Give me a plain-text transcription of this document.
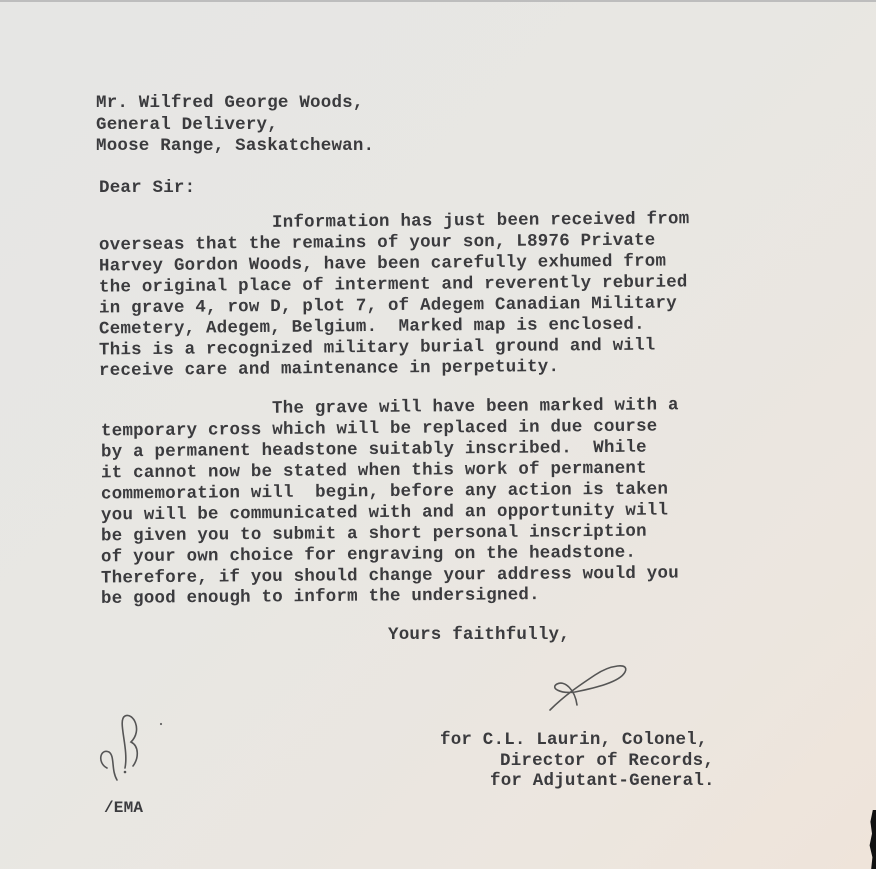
Mr. Wilfred George Woods,
General Delivery,
Moose Range, Saskatchewan.
Dear Sir:
Information has just been received from
overseas that the remains of your son, L8976 Private
Harvey Gordon Woods, have been carefully exhumed from
the original place of interment and reverently reburied
in grave 4, row D, plot 7, of Adegem Canadian Military
Cemetery, Adegem, Belgium.  Marked map is enclosed.
This is a recognized military burial ground and will
receive care and maintenance in perpetuity.
The grave will have been marked with a
temporary cross which will be replaced in due course
by a permanent headstone suitably inscribed.  While
it cannot now be stated when this work of permanent
commemoration will  begin, before any action is taken
you will be communicated with and an opportunity will
be given you to submit a short personal inscription
of your own choice for engraving on the headstone.
Therefore, if you should change your address would you
be good enough to inform the undersigned.
Yours faithfully,
for C.L. Laurin, Colonel,
Director of Records,
for Adjutant-General.
/EMA
